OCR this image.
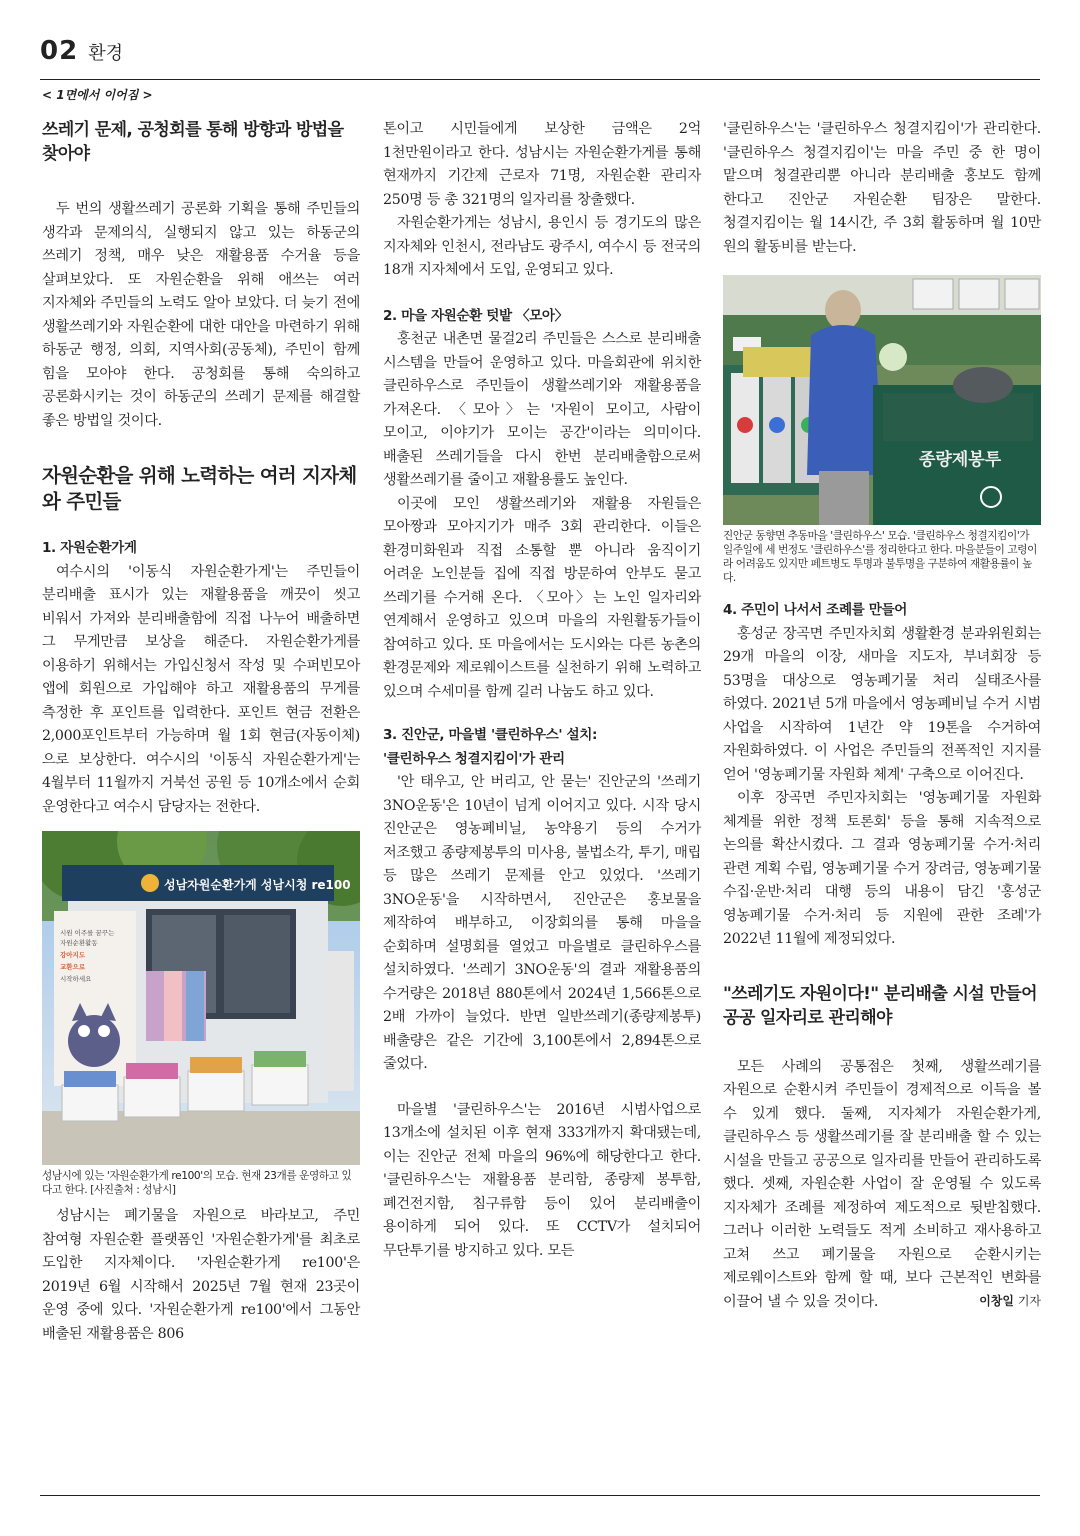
02 환경
< 1면에서 이어짐 >
쓰레기 문제, 공청회를 통해 방향과 방법을 찾아야

두 번의 생활쓰레기 공론화 기획을 통해 주민들의 생각과 문제의식, 실행되지 않고 있는 하동군의 쓰레기 정책, 매우 낮은 재활용품 수거율 등을 살펴보았다. 또 자원순환을 위해 애쓰는 여러 지자체와 주민들의 노력도 알아 보았다. 더 늦기 전에 생활쓰레기와 자원순환에 대한 대안을 마련하기 위해 하동군 행정, 의회, 지역사회(공동체), 주민이 함께 힘을 모아야 한다. 공청회를 통해 숙의하고 공론화시키는 것이 하동군의 쓰레기 문제를 해결할 좋은 방법일 것이다.

자원순환을 위해 노력하는 여러 지자체와 주민들
1. 자원순환가게

여수시의 '이동식 자원순환가게'는 주민들이 분리배출 표시가 있는 재활용품을 깨끗이 씻고 비워서 가져와 분리배출함에 직접 나누어 배출하면 그 무게만큼 보상을 해준다. 자원순환가게를 이용하기 위해서는 가입신청서 작성 및 수퍼빈모아 앱에 회원으로 가입해야 하고 재활용품의 무게를 측정한 후 포인트를 입력한다. 포인트 현금 전환은 2,000포인트부터 가능하며 월 1회 현금(자동이체)으로 보상한다. 여수시의 '이동식 자원순환가게'는 4월부터 11월까지 거북선 공원 등 10개소에서 순회 운영한다고 여수시 담당자는 전한다.

성남자원순환가게 성남시청 re100
시원 이주를 꿈꾸는 자원순환활동 강아지도 교환으로 시작하세요

성남시에 있는 '자원순환가게 re100'의 모습. 현재 23개를 운영하고 있다고 한다. [사진출처 : 성남시]

성남시는 폐기물을 자원으로 바라보고, 주민 참여형 자원순환 플랫폼인 '자원순환가게'를 최초로 도입한 지자체이다. '자원순환가게 re100'은 2019년 6월 시작해서 2025년 7월 현재 23곳이 운영 중에 있다. '자원순환가게 re100'에서 그동안 배출된 재활용품은 806

톤이고 시민들에게 보상한 금액은 2억 1천만원이라고 한다. 성남시는 자원순환가게를 통해 현재까지 기간제 근로자 71명, 자원순환 관리자 250명 등 총 321명의 일자리를 창출했다.

자원순환가게는 성남시, 용인시 등 경기도의 많은 지자체와 인천시, 전라남도 광주시, 여수시 등 전국의 18개 지자체에서 도입, 운영되고 있다.

2. 마을 자원순환 텃밭 〈모아〉

홍천군 내촌면 물걸2리 주민들은 스스로 분리배출 시스템을 만들어 운영하고 있다. 마을회관에 위치한 클린하우스로 주민들이 생활쓰레기와 재활용품을 가져온다. 〈모아〉는 '자원이 모이고, 사람이 모이고, 이야기가 모이는 공간'이라는 의미이다. 배출된 쓰레기들을 다시 한번 분리배출함으로써 생활쓰레기를 줄이고 재활용률도 높인다.

이곳에 모인 생활쓰레기와 재활용 자원들은 모아짱과 모아지기가 매주 3회 관리한다. 이들은 환경미화원과 직접 소통할 뿐 아니라 움직이기 어려운 노인분들 집에 직접 방문하여 안부도 묻고 쓰레기를 수거해 온다. 〈모아〉는 노인 일자리와 연계해서 운영하고 있으며 마을의 자원활동가들이 참여하고 있다. 또 마을에서는 도시와는 다른 농촌의 환경문제와 제로웨이스트를 실천하기 위해 노력하고 있으며 수세미를 함께 길러 나눔도 하고 있다.

3. 진안군, 마을별 '클린하우스' 설치:
'클린하우스 청결지킴이'가 관리

'안 태우고, 안 버리고, 안 묻는' 진안군의 '쓰레기 3NO운동'은 10년이 넘게 이어지고 있다. 시작 당시 진안군은 영농폐비닐, 농약용기 등의 수거가 저조했고 종량제봉투의 미사용, 불법소각, 투기, 매립 등 많은 쓰레기 문제를 안고 있었다. '쓰레기 3NO운동'을 시작하면서, 진안군은 홍보물을 제작하여 배부하고, 이장회의를 통해 마을을 순회하며 설명회를 열었고 마을별로 클린하우스를 설치하였다. '쓰레기 3NO운동'의 결과 재활용품의 수거량은 2018년 880톤에서 2024년 1,566톤으로 2배 가까이 늘었다. 반면 일반쓰레기(종량제봉투) 배출량은 같은 기간에 3,100톤에서 2,894톤으로 줄었다.

마을별 '클린하우스'는 2016년 시범사업으로 13개소에 설치된 이후 현재 333개까지 확대됐는데, 이는 진안군 전체 마을의 96%에 해당한다고 한다. '클린하우스'는 재활용품 분리함, 종량제 봉투함, 폐건전지함, 침구류함 등이 있어 분리배출이 용이하게 되어 있다. 또 CCTV가 설치되어 무단투기를 방지하고 있다. 모든

'클린하우스'는 '클린하우스 청결지킴이'가 관리한다. '클린하우스 청결지킴이'는 마을 주민 중 한 명이 맡으며 청결관리뿐 아니라 분리배출 홍보도 함께 한다고 진안군 자원순환 팀장은 말한다. 청결지킴이는 월 14시간, 주 3회 활동하며 월 10만 원의 활동비를 받는다.

종량제봉투

진안군 동향면 추동마을 '클린하우스' 모습. '클린하우스 청결지킴이'가 일주일에 세 번정도 '클린하우스'를 정리한다고 한다. 마을분들이 고령이라 어려움도 있지만 페트병도 투명과 불투명을 구분하여 재활용률이 높다.

4. 주민이 나서서 조례를 만들어

홍성군 장곡면 주민자치회 생활환경 분과위원회는 29개 마을의 이장, 새마을 지도자, 부녀회장 등 53명을 대상으로 영농폐기물 처리 실태조사를 하였다. 2021년 5개 마을에서 영농폐비닐 수거 시범 사업을 시작하여 1년간 약 19톤을 수거하여 자원화하였다. 이 사업은 주민들의 전폭적인 지지를 얻어 '영농폐기물 자원화 체계' 구축으로 이어진다.

이후 장곡면 주민자치회는 '영농폐기물 자원화 체계를 위한 정책 토론회' 등을 통해 지속적으로 논의를 확산시켰다. 그 결과 영농폐기물 수거·처리 관련 계획 수립, 영농폐기물 수거 장려금, 영농폐기물 수집·운반·처리 대행 등의 내용이 담긴 '홍성군 영농폐기물 수거·처리 등 지원에 관한 조례'가 2022년 11월에 제정되었다.

"쓰레기도 자원이다!" 분리배출 시설 만들어 공공 일자리로 관리해야

모든 사례의 공통점은 첫째, 생활쓰레기를 자원으로 순환시켜 주민들이 경제적으로 이득을 볼 수 있게 했다. 둘째, 지자체가 자원순환가게, 클린하우스 등 생활쓰레기를 잘 분리배출 할 수 있는 시설을 만들고 공공으로 일자리를 만들어 관리하도록 했다. 셋째, 자원순환 사업이 잘 운영될 수 있도록 지자체가 조례를 제정하여 제도적으로 뒷받침했다. 그러나 이러한 노력들도 적게 소비하고 재사용하고 고쳐 쓰고 폐기물을 자원으로 순환시키는 제로웨이스트와 함께 할 때, 보다 근본적인 변화를 이끌어 낼 수 있을 것이다.	이창일 기자
